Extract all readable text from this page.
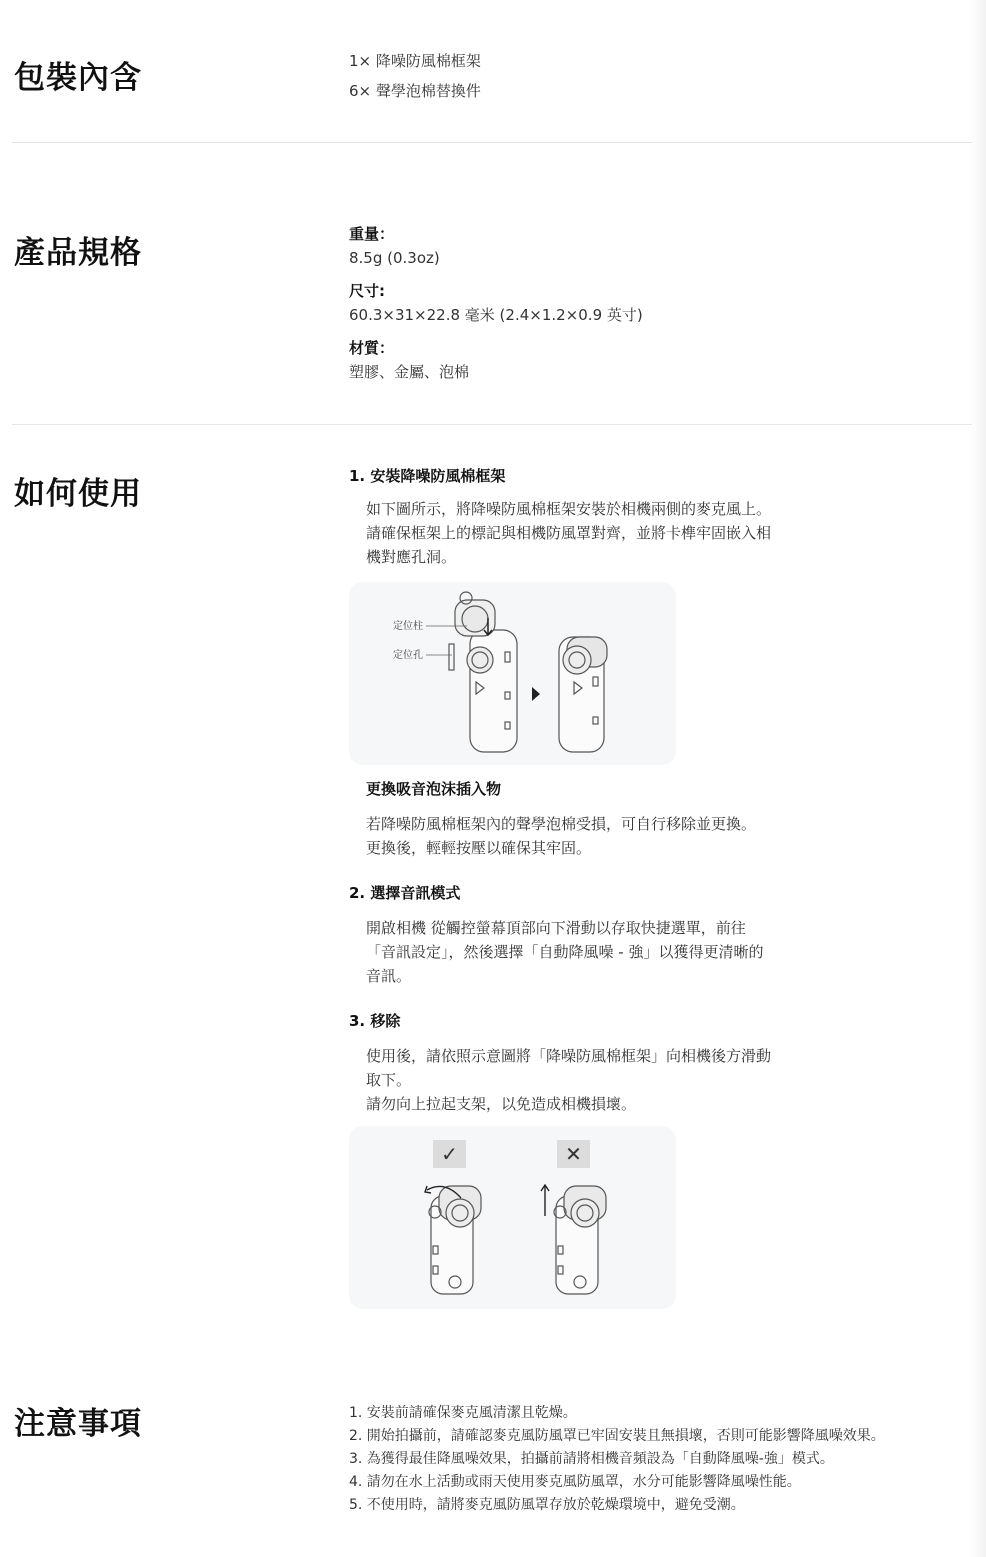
包裝內含	1× 降噪防風棉框架
6× 聲學泡棉替換件
產品規格
重量：
8.5g (0.3oz)
尺寸:
60.3×31×22.8 毫米 (2.4×1.2×0.9 英寸)
材質：
塑膠、金屬、泡棉
如何使用	1. 安裝降噪防風棉框架
如下圖所示，將降噪防風棉框架安裝於相機兩側的麥克風上。
請確保框架上的標記與相機防風罩對齊，並將卡榫牢固嵌入相
機對應孔洞。
定位柱
定位孔
更換吸音泡沫插入物
若降噪防風棉框架內的聲學泡棉受損，可自行移除並更換。
更換後，輕輕按壓以確保其牢固。
2. 選擇音訊模式
開啟相機 從觸控螢幕頂部向下滑動以存取快捷選單，前往
「音訊設定」，然後選擇「自動降風噪 - 強」以獲得更清晰的
音訊。
3. 移除
使用後，請依照示意圖將「降噪防風棉框架」向相機後方滑動
取下。
請勿向上拉起支架，以免造成相機損壞。
✓	✕
注意事項	1. 安裝前請確保麥克風清潔且乾燥。
2. 開始拍攝前，請確認麥克風防風罩已牢固安裝且無損壞，否則可能影響降風噪效果。
3. 為獲得最佳降風噪效果，拍攝前請將相機音頻設為「自動降風噪-強」模式。
4. 請勿在水上活動或雨天使用麥克風防風罩，水分可能影響降風噪性能。
5. 不使用時，請將麥克風防風罩存放於乾燥環境中，避免受潮。
